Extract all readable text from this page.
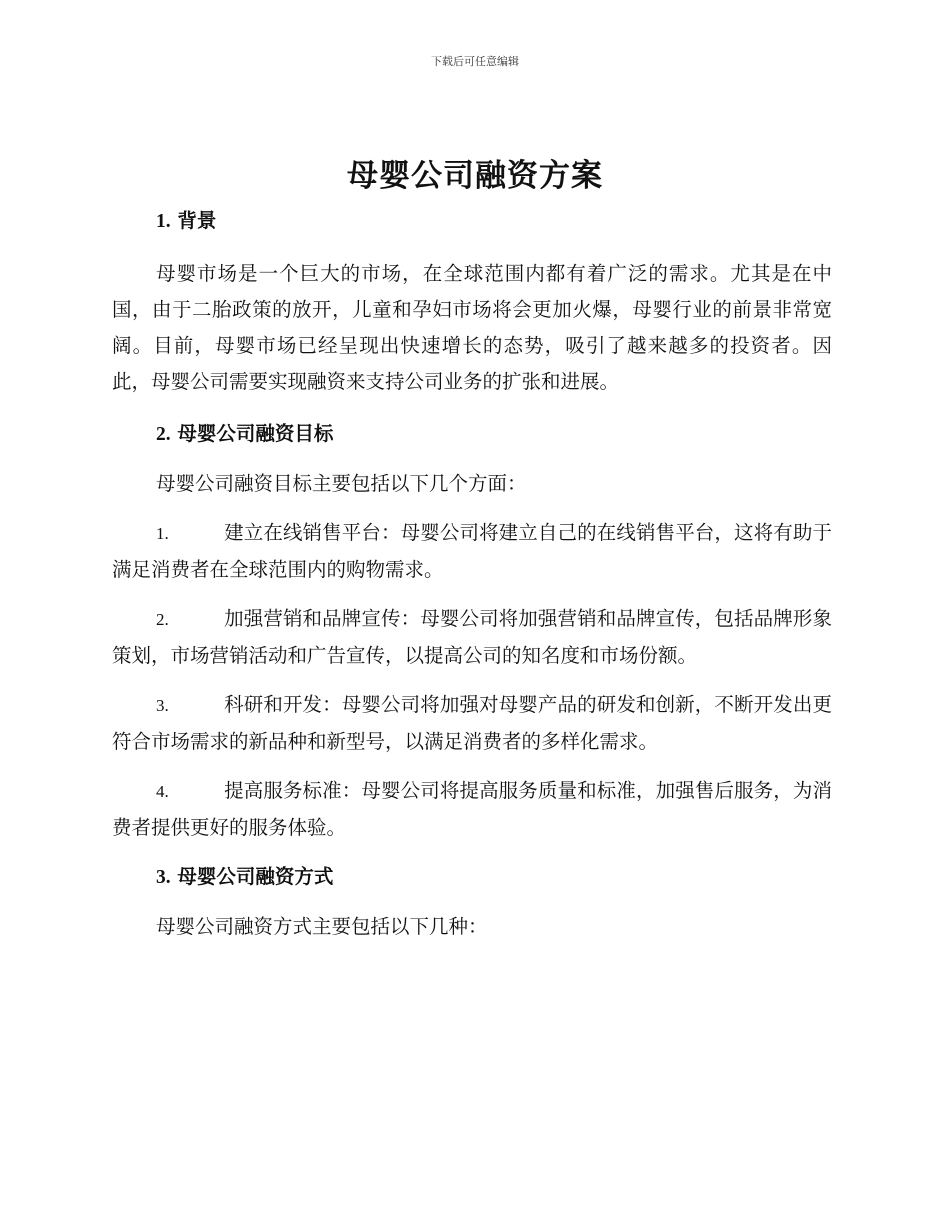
下载后可任意编辑
母婴公司融资方案

1. 背景

母婴市场是一个巨大的市场，在全球范围内都有着广泛的需求。尤其是在中国，由于二胎政策的放开，儿童和孕妇市场将会更加火爆，母婴行业的前景非常宽阔。目前，母婴市场已经呈现出快速增长的态势，吸引了越来越多的投资者。因此，母婴公司需要实现融资来支持公司业务的扩张和进展。

2. 母婴公司融资目标

母婴公司融资目标主要包括以下几个方面：

1.	建立在线销售平台：母婴公司将建立自己的在线销售平台，这将有助于满足消费者在全球范围内的购物需求。

2.	加强营销和品牌宣传：母婴公司将加强营销和品牌宣传，包括品牌形象策划，市场营销活动和广告宣传，以提高公司的知名度和市场份额。

3.	科研和开发：母婴公司将加强对母婴产品的研发和创新，不断开发出更符合市场需求的新品种和新型号，以满足消费者的多样化需求。

4.	提高服务标准：母婴公司将提高服务质量和标准，加强售后服务，为消费者提供更好的服务体验。

3. 母婴公司融资方式

母婴公司融资方式主要包括以下几种：
